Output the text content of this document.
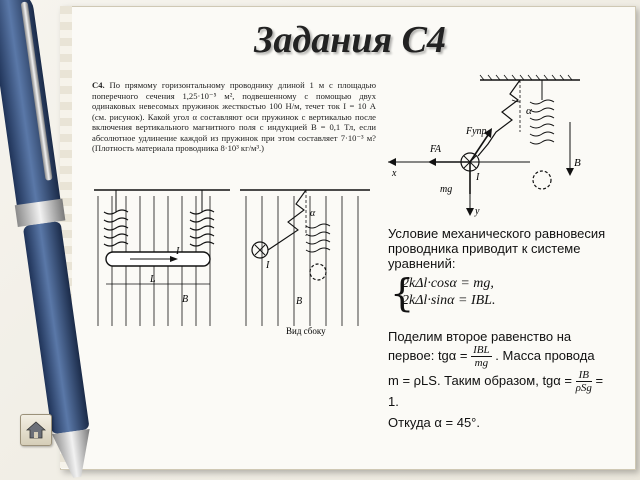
Задания С4
С4. По прямому горизонтальному проводнику длиной 1 м с площадью поперечного сечения 1,25·10⁻⁵ м², подвешенному с помощью двух одинаковых невесомых пружинок жесткостью 100 Н/м, течет ток I = 10 А (см. рисунок). Какой угол α составляют оси пружинок с вертикалью после включения вертикального магнитного поля с индукцией B = 0,1 Тл, если абсолютное удлинение каждой из пружинок при этом составляет 7·10⁻³ м? (Плотность материала проводника 8·10³ кг/м³.)
α
B
I
x
y
FA
Fупр
mg
I
L
B
α
I
B
Вид сбоку
Условие механического равновесия проводника приводит к системе уравнений:
{
2kΔl·cosα = mg,
2kΔl·sinα = IBL.
Поделим второе равенство на первое: $tg\alpha = \frac{\text{IBL}}{mg}$ . Масса провода m = ρLS. Таким образом, $tg\alpha = \frac{IB}{\text{ρSg}} = 1$.
Откуда α = 45°.
